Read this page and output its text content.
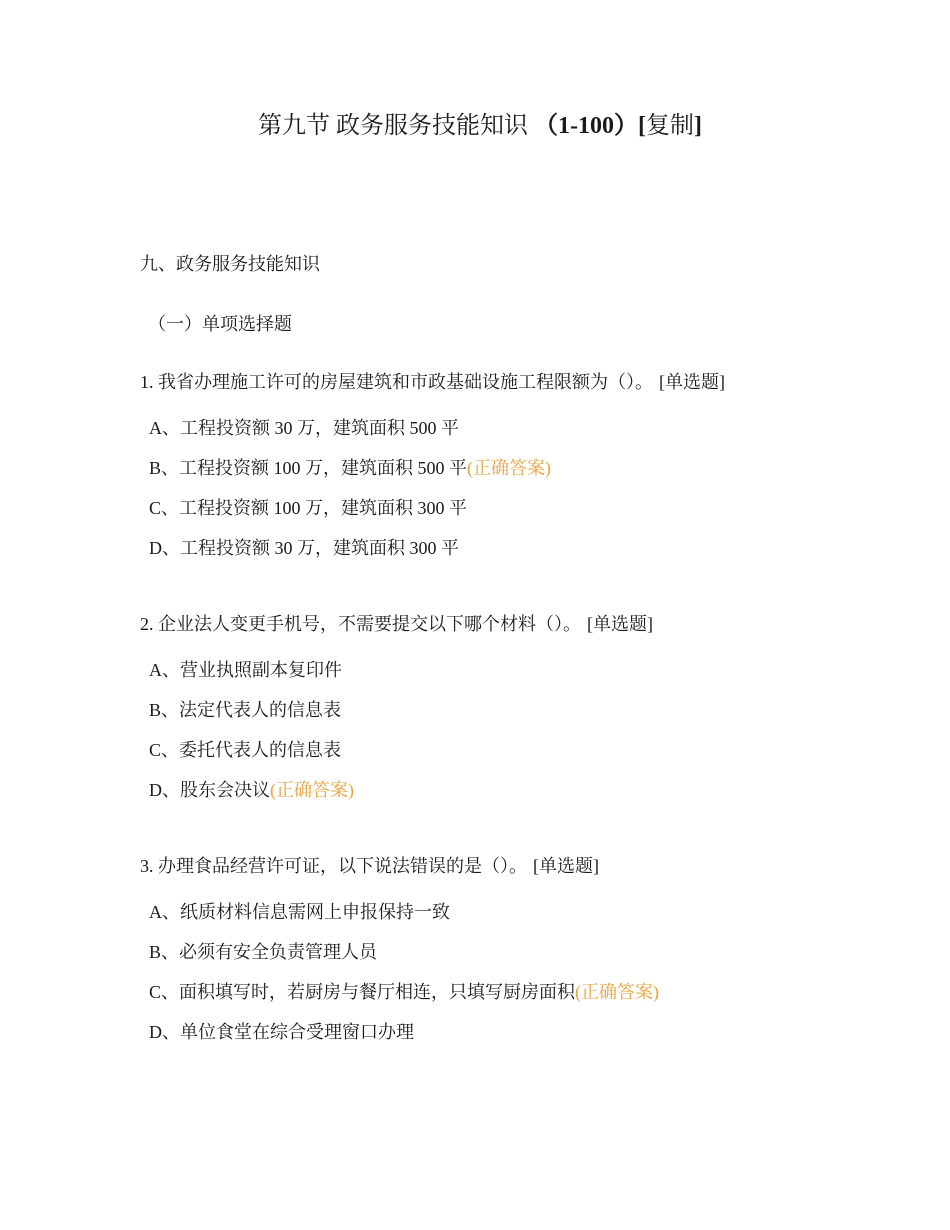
第九节 政务服务技能知识 （1-100）[复制]
九、政务服务技能知识
（一）单项选择题
1. 我省办理施工许可的房屋建筑和市政基础设施工程限额为（）。 [单选题]
A、工程投资额 30 万，建筑面积 500 平
B、工程投资额 100 万，建筑面积 500 平(正确答案)
C、工程投资额 100 万，建筑面积 300 平
D、工程投资额 30 万，建筑面积 300 平
2. 企业法人变更手机号，不需要提交以下哪个材料（）。 [单选题]
A、营业执照副本复印件
B、法定代表人的信息表
C、委托代表人的信息表
D、股东会决议(正确答案)
3. 办理食品经营许可证，以下说法错误的是（）。 [单选题]
A、纸质材料信息需网上申报保持一致
B、必须有安全负责管理人员
C、面积填写时，若厨房与餐厅相连，只填写厨房面积(正确答案)
D、单位食堂在综合受理窗口办理
